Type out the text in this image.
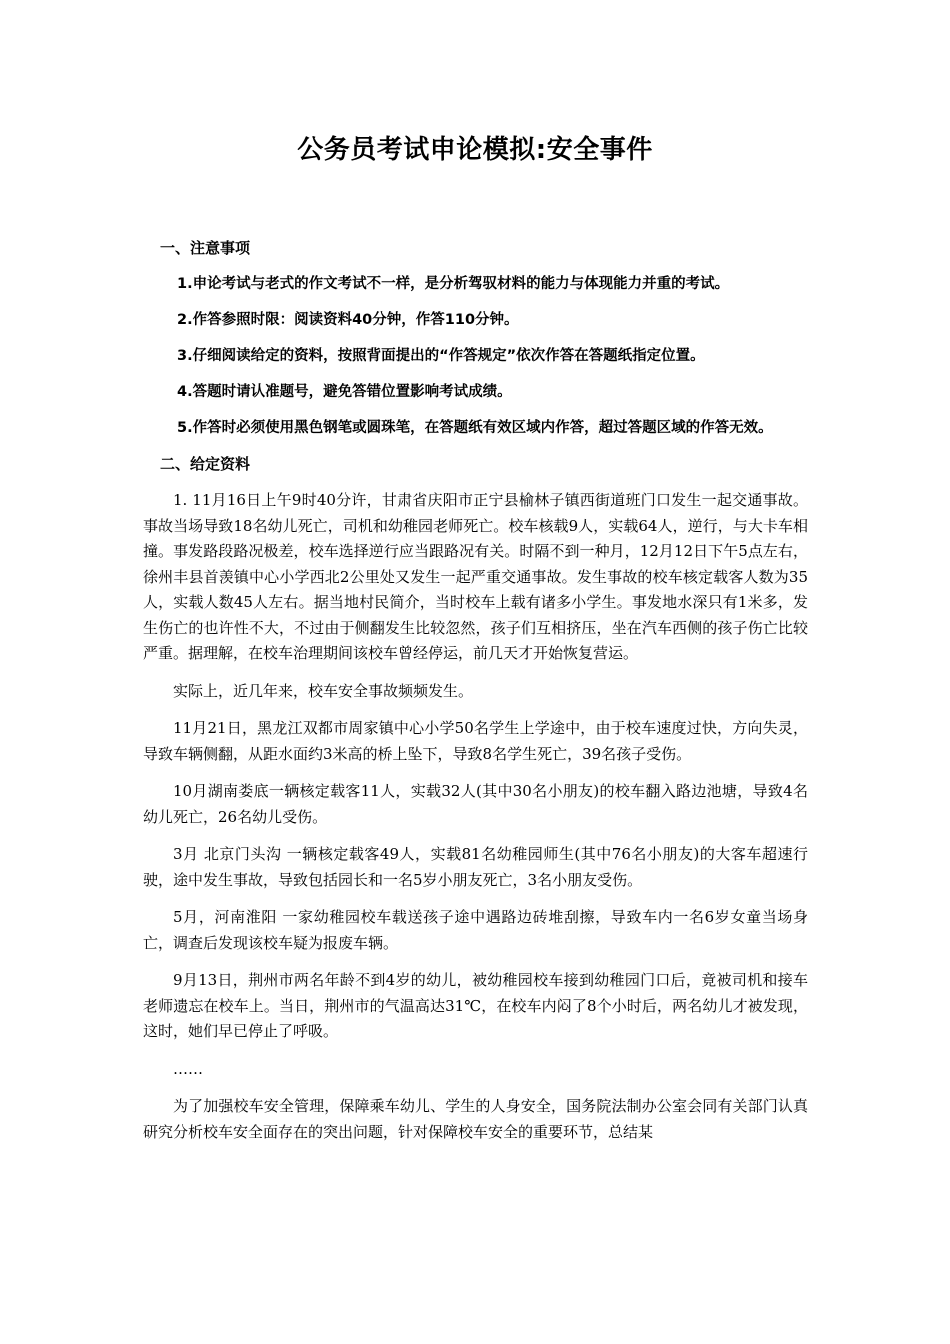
公务员考试申论模拟:安全事件
一、注意事项
1.申论考试与老式的作文考试不一样，是分析驾驭材料的能力与体现能力并重的考试。
2.作答参照时限：阅读资料40分钟，作答110分钟。
3.仔细阅读给定的资料，按照背面提出的“作答规定”依次作答在答题纸指定位置。
4.答题时请认准题号，避免答错位置影响考试成绩。
5.作答时必须使用黑色钢笔或圆珠笔，在答题纸有效区域内作答，超过答题区域的作答无效。
二、给定资料

1. 11月16日上午9时40分许，甘肃省庆阳市正宁县榆林子镇西街道班门口发生一起交通事故。事故当场导致18名幼儿死亡，司机和幼稚园老师死亡。校车核载9人，实载64人，逆行，与大卡车相撞。事发路段路况极差，校车选择逆行应当跟路况有关。时隔不到一种月，12月12日下午5点左右，徐州丰县首羡镇中心小学西北2公里处又发生一起严重交通事故。发生事故的校车核定载客人数为35人，实载人数45人左右。据当地村民简介，当时校车上载有诸多小学生。事发地水深只有1米多，发生伤亡的也许性不大，不过由于侧翻发生比较忽然，孩子们互相挤压，坐在汽车西侧的孩子伤亡比较严重。据理解，在校车治理期间该校车曾经停运，前几天才开始恢复营运。

实际上，近几年来，校车安全事故频频发生。

11月21日，黑龙江双都市周家镇中心小学50名学生上学途中，由于校车速度过快，方向失灵，导致车辆侧翻，从距水面约3米高的桥上坠下，导致8名学生死亡，39名孩子受伤。

10月湖南娄底一辆核定载客11人，实载32人(其中30名小朋友)的校车翻入路边池塘，导致4名幼儿死亡，26名幼儿受伤。

3月 北京门头沟 一辆核定载客49人，实载81名幼稚园师生(其中76名小朋友)的大客车超速行驶，途中发生事故，导致包括园长和一名5岁小朋友死亡，3名小朋友受伤。

5月，河南淮阳 一家幼稚园校车载送孩子途中遇路边砖堆刮擦，导致车内一名6岁女童当场身亡，调查后发现该校车疑为报废车辆。

9月13日，荆州市两名年龄不到4岁的幼儿，被幼稚园校车接到幼稚园门口后，竟被司机和接车老师遗忘在校车上。当日，荆州市的气温高达31℃，在校车内闷了8个小时后，两名幼儿才被发现，这时，她们早已停止了呼吸。

……

为了加强校车安全管理，保障乘车幼儿、学生的人身安全，国务院法制办公室会同有关部门认真研究分析校车安全面存在的突出问题，针对保障校车安全的重要环节，总结某
